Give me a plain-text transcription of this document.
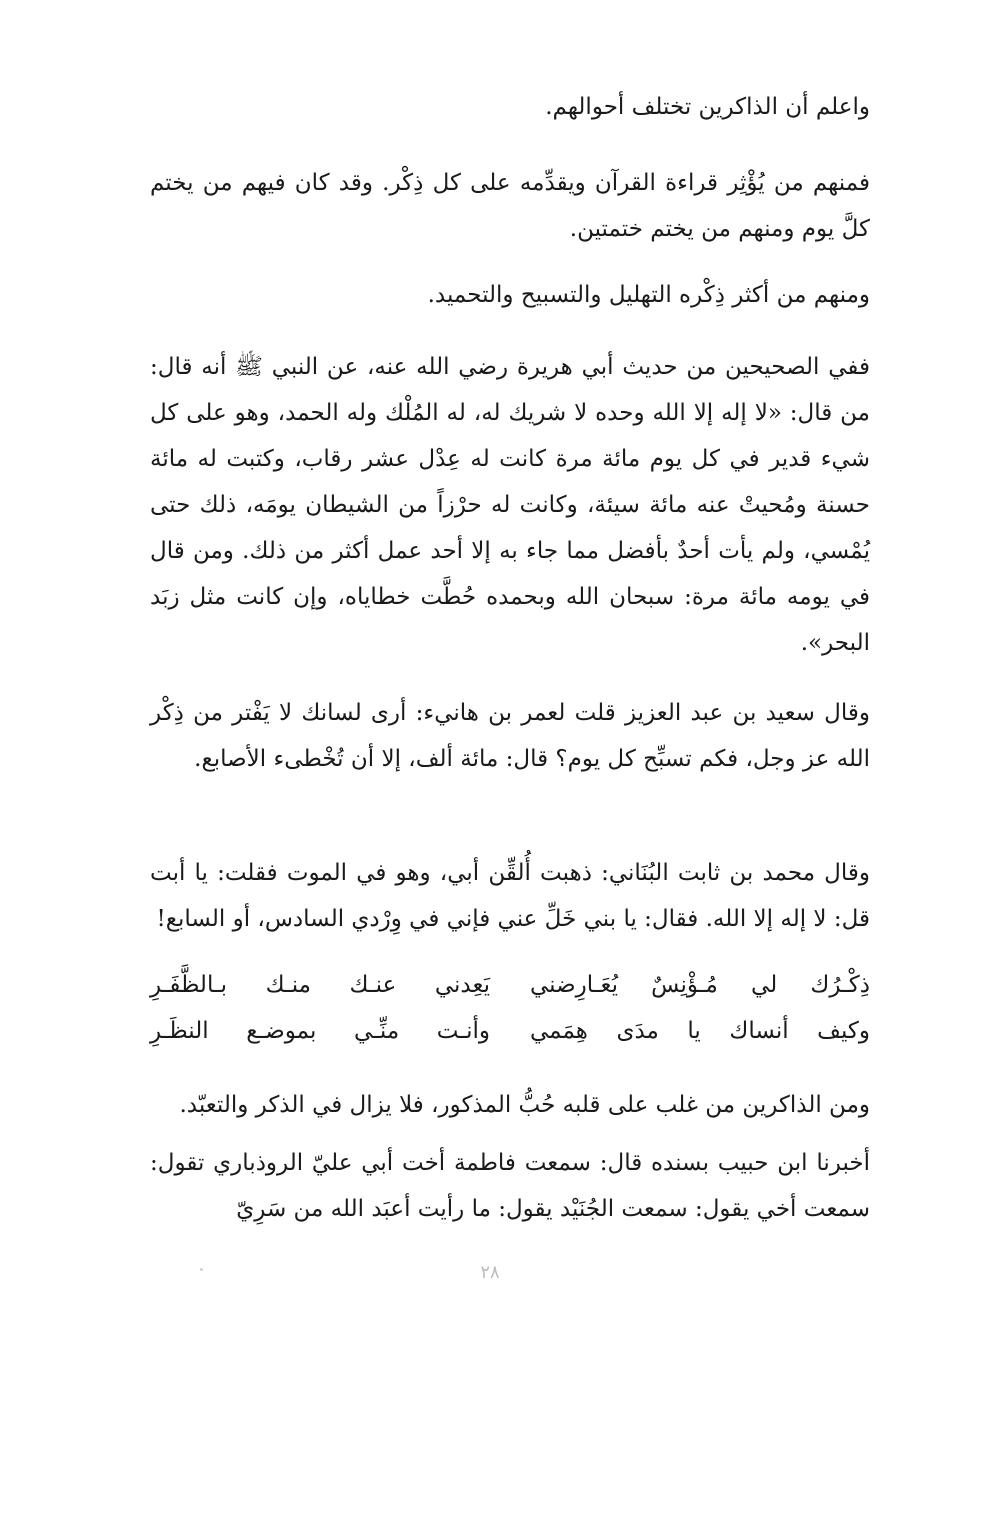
واعلم أن الذاكرين تختلف أحوالهم.

فمنهم من يُؤْثِر قراءة القرآن ويقدِّمه على كل ذِكْر. وقد كان فيهم من يختم كلَّ يوم ومنهم من يختم ختمتين.

ومنهم من أكثر ذِكْره التهليل والتسبيح والتحميد.

ففي الصحيحين من حديث أبي هريرة رضي الله عنه، عن النبي ﷺ أنه قال: من قال: «لا إله إلا الله وحده لا شريك له، له المُلْك وله الحمد، وهو على كل شيء قدير في كل يوم مائة مرة كانت له عِدْل عشر رقاب، وكتبت له مائة حسنة ومُحيتْ عنه مائة سيئة، وكانت له حرْزاً من الشيطان يومَه، ذلك حتى يُمْسي، ولم يأت أحدٌ بأفضل مما جاء به إلا أحد عمل أكثر من ذلك. ومن قال في يومه مائة مرة: سبحان الله وبحمده حُطَّت خطاياه، وإن كانت مثل زبَد البحر».

وقال سعيد بن عبد العزيز قلت لعمر بن هانيء: أرى لسانك لا يَفْتر من ذِكْر الله عز وجل، فكم تسبِّح كل يوم؟ قال: مائة ألف، إلا أن تُخْطىء الأصابع.

وقال محمد بن ثابت البُنَاني: ذهبت أُلقِّن أبي، وهو في الموت فقلت: يا أبت قل: لا إله إلا الله. فقال: يا بني خَلِّ عني فإني في وِرْدي السادس، أو السابع!

ذِكْـرُك لي مُـؤْنِسٌ يُعَـارِضني
يَعِدني عنـك منـك بـالظَّفَـرِ
وكيف أنساك يا مدَى هِمَمي
وأنـت منِّـي بموضـع النظَـرِ

ومن الذاكرين من غلب على قلبه حُبُّ المذكور، فلا يزال في الذكر والتعبّد.

أخبرنا ابن حبيب بسنده قال: سمعت فاطمة أخت أبي عليّ الروذباري تقول: سمعت أخي يقول: سمعت الجُنَيْد يقول: ما رأيت أعبَد الله من سَرِيّ

٢٨
